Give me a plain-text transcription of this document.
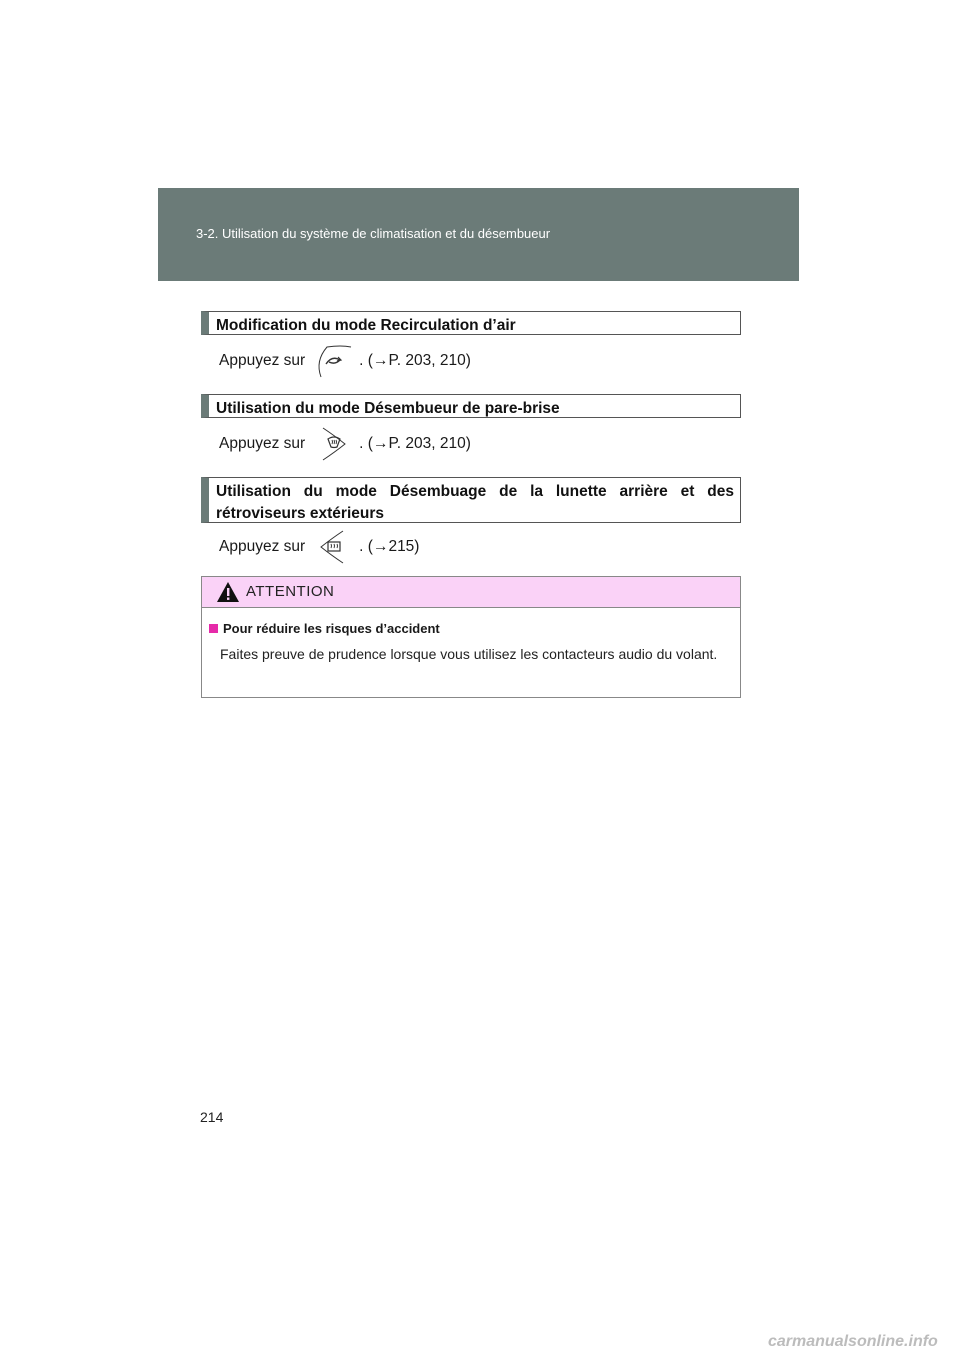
3-2. Utilisation du système de climatisation et du désembueur
Modification du mode Recirculation d’air
Appuyez sur	. (→P. 203, 210)
Utilisation du mode Désembueur de pare-brise
Appuyez sur	. (→P. 203, 210)
Utilisation du mode Désembuage de la lunette arrière et des rétroviseurs extérieurs
Appuyez sur	. (→215)
ATTENTION
Pour réduire les risques d’accident
Faites preuve de prudence lorsque vous utilisez les contacteurs audio du volant.
214
carmanualsonline.info
